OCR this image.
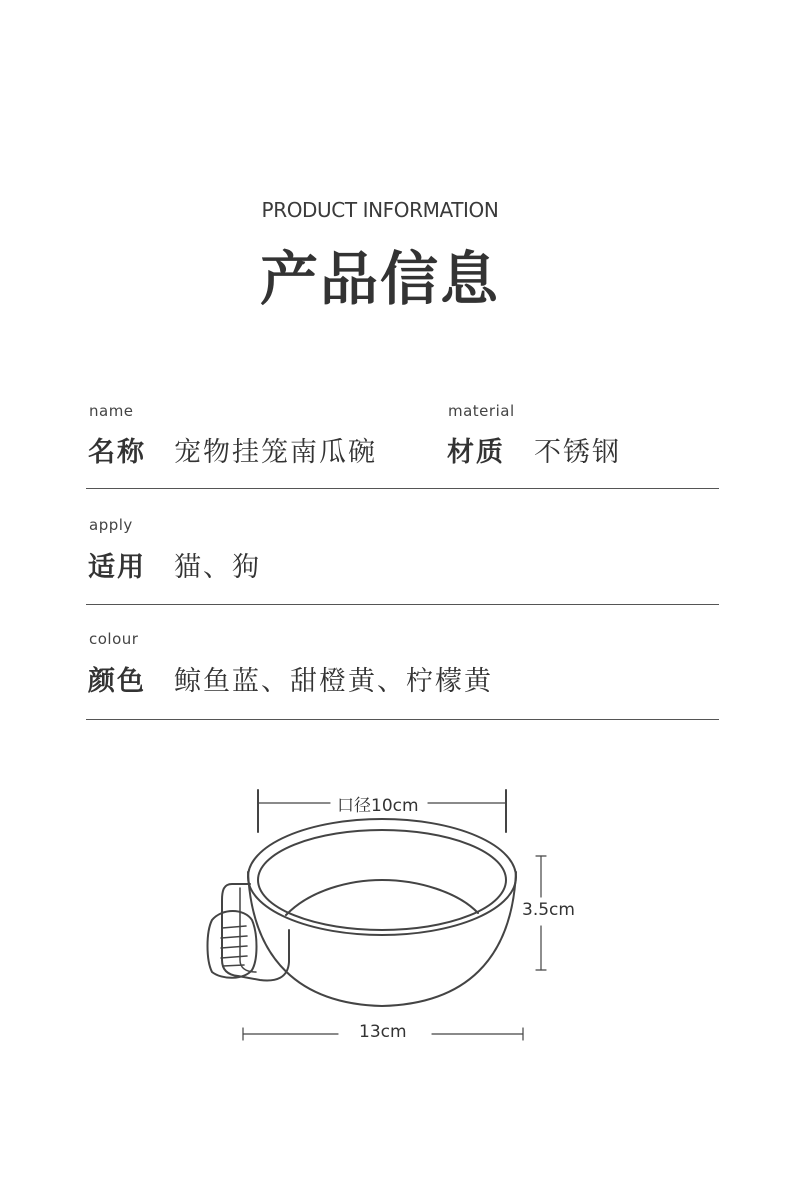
PRODUCT INFORMATION
产品信息
name
名称 宠物挂笼南瓜碗
material
材质 不锈钢
apply
适用 猫、狗
colour
颜色 鲸鱼蓝、甜橙黄、柠檬黄
口径10cm
3.5cm
13cm
